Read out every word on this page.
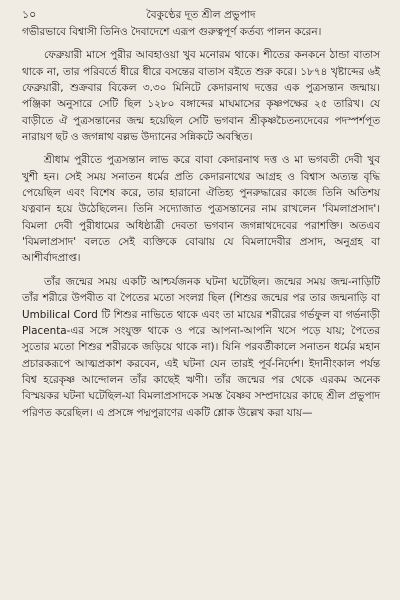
১০	বৈকুণ্ঠের দূত শ্রীল প্রভুপাদ

গভীরভাবে বিশ্বাসী তিনিও দৈবাদেশে এরূপ গুরুত্বপূর্ণ কর্তব্য পালন করেন।

ফেব্রুয়ারী মাসে পুরীর আবহাওয়া খুব মনোরম থাকে। শীতের কনকনে ঠান্ডা বাতাস থাকে না, তার পরিবর্তে ধীরে ধীরে বসন্তের বাতাস বইতে শুরু করে। ১৮৭৪ খৃষ্টাব্দের ৬ই ফেব্রুয়ারী, শুক্রবার বিকেল ৩.৩০ মিনিটে কেদারনাথ দত্তের এক পুত্রসন্তান জন্মায়। পঞ্জিকা অনুসারে সেটি ছিল ১২৮০ বঙ্গাব্দের মাঘমাসের কৃষ্ণপক্ষের ২৫ তারিখ। যে বাড়ীতে ঐ পুত্রসন্তানের জন্ম হয়েছিল সেটি ভগবান শ্রীকৃষ্ণচৈতন্যদেবের পদস্পর্শপূত নারায়ণ ছট ও জগন্নাথ বল্লভ উদ্যানের সন্নিকটে অবস্থিত।

শ্রীধাম পুরীতে পুত্রসন্তান লাভ করে বাবা কেদারনাথ দত্ত ও মা ভগবতী দেবী খুব খুশী হন। সেই সময় সনাতন ধর্মের প্রতি কেদারনাথের আগ্রহ ও বিশ্বাস অত্যন্ত বৃদ্ধি পেয়েছিল এবং বিশেষ করে, তার হারানো ঐতিহ্য পুনরুদ্ধারের কাজে তিনি অতিশয় যত্নবান হয়ে উঠেছিলেন। তিনি সদ্যোজাত পুত্রসন্তানের নাম রাখলেন 'বিমলাপ্রসাদ'। বিমলা দেবী পুরীধামের অধিষ্ঠাত্রী দেবতা ভগবান জগন্নাথদেবের পরাশক্তি। অতএব 'বিমলাপ্রসাদ' বলতে সেই ব্যক্তিকে বোঝায় যে বিমলাদেবীর প্রসাদ, অনুগ্রহ বা আশীর্বাদপ্রাপ্ত।

তাঁর জন্মের সময় একটি আশ্চর্যজনক ঘটনা ঘটেছিল। জন্মের সময় জন্ম-নাড়িটি তাঁর শরীরে উপবীত বা পৈতের মতো সংলগ্ন ছিল (শিশুর জন্মের পর তার জন্মনাড়ি বা Umbilical Cord টি শিশুর নাভিতে থাকে এবং তা মায়ের শরীরের গর্ভফুল বা গর্ভনাড়ী Placenta-এর সঙ্গে সংযুক্ত থাকে ও পরে আপনা-আপনি খসে পড়ে যায়; পৈতের সুতোর মতো শিশুর শরীরকে জড়িয়ে থাকে না)। যিনি পরবর্তীকালে সনাতন ধর্মের মহান প্রচারকরূপে আত্মপ্রকাশ করবেন, এই ঘটনা যেন তারই পূর্ব-নির্দেশ। ইদানীংকাল পর্যন্ত বিশ্ব হরেকৃষ্ণ আন্দোলন তাঁর কাছেই ঋণী। তাঁর জন্মের পর থেকে এরকম অনেক বিস্ময়কর ঘটনা ঘটেছিল-যা বিমলাপ্রসাদকে সমস্ত বৈষ্ণব সম্প্রদায়ের কাছে শ্রীল প্রভুপাদ পরিণত করেছিল। এ প্রসঙ্গে পদ্মপুরাণের একটি শ্লোক উল্লেখ করা যায়—
